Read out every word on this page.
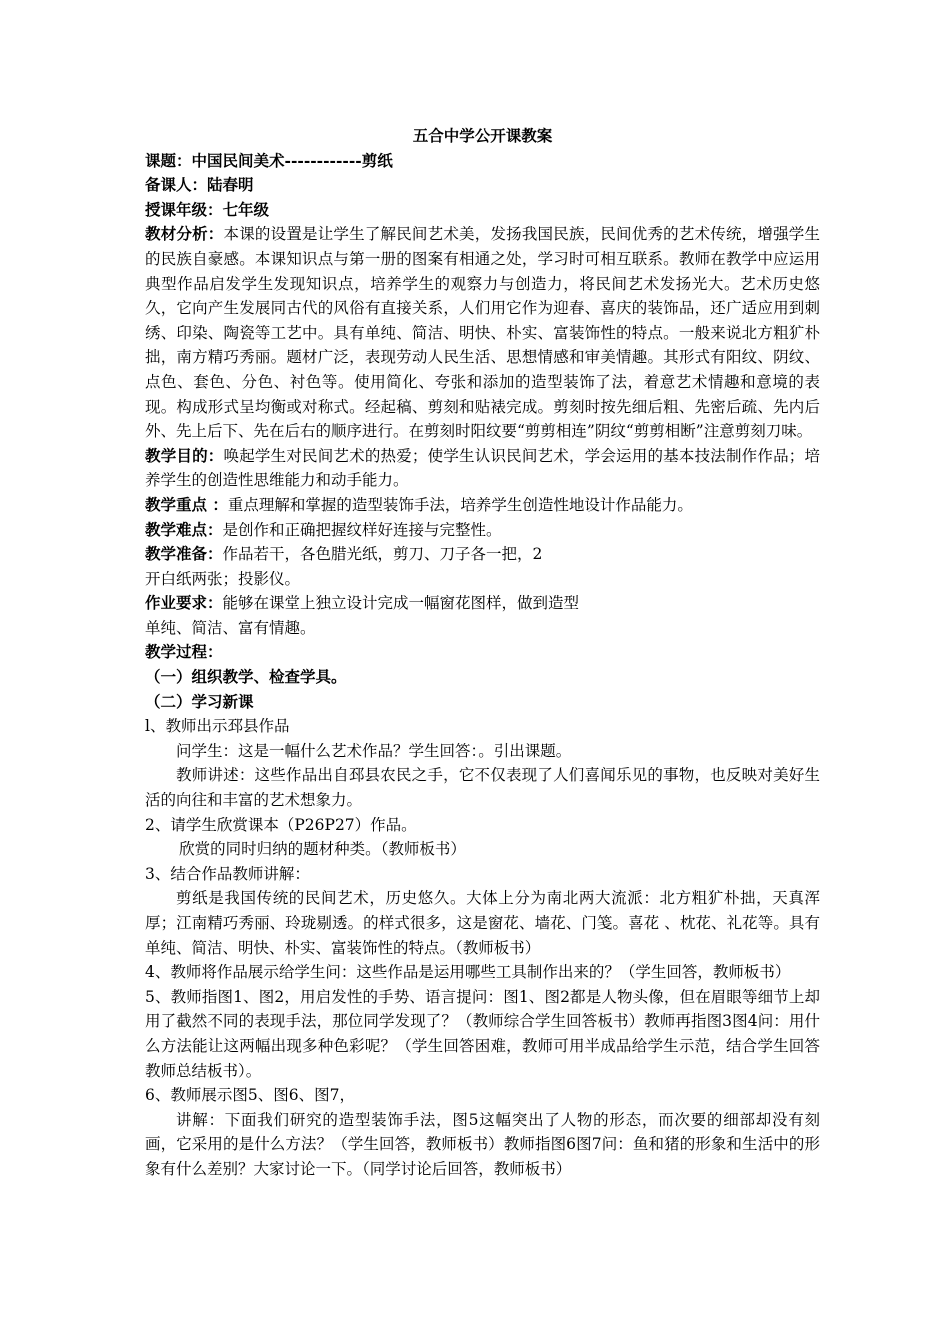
五合中学公开课教案

课题：中国民间美术------------剪纸

备课人：陆春明

授课年级：七年级

教材分析：本课的设置是让学生了解民间艺术美，发扬我国民族，民间优秀的艺术传统，增强学生的民族自豪感。本课知识点与第一册的图案有相通之处，学习时可相互联系。教师在教学中应运用典型作品启发学生发现知识点，培养学生的观察力与创造力，将民间艺术发扬光大。艺术历史悠久，它向产生发展同古代的风俗有直接关系，人们用它作为迎春、喜庆的装饰品，还广适应用到刺绣、印染、陶瓷等工艺中。具有单纯、简洁、明快、朴实、富装饰性的特点。一般来说北方粗犷朴拙，南方精巧秀丽。题材广泛，表现劳动人民生活、思想情感和审美情趣。其形式有阳纹、阴纹、点色、套色、分色、衬色等。使用简化、夸张和添加的造型装饰了法，着意艺术情趣和意境的表现。构成形式呈均衡或对称式。经起稿、剪刻和贴裱完成。剪刻时按先细后粗、先密后疏、先内后外、先上后下、先在后右的顺序进行。在剪刻时阳纹要“剪剪相连”阴纹“剪剪相断”注意剪刻刀味。

教学目的：唤起学生对民间艺术的热爱；使学生认识民间艺术，学会运用的基本技法制作作品；培养学生的创造性思维能力和动手能力。

教学重点 ：重点理解和掌握的造型装饰手法，培养学生创造性地设计作品能力。

教学难点：是创作和正确把握纹样好连接与完整性。

教学准备：作品若干，各色腊光纸，剪刀、刀子各一把，2

开白纸两张；投影仪。

作业要求：能够在课堂上独立设计完成一幅窗花图样，做到造型

单纯、简洁、富有情趣。

教学过程：

（一）组织教学、检查学具。

（二）学习新课

l、教师出示邳县作品

问学生：这是一幅什么艺术作品？学生回答：。引出课题。

教师讲述：这些作品出自邳县农民之手，它不仅表现了人们喜闻乐见的事物，也反映对美好生活的向往和丰富的艺术想象力。

2、请学生欣赏课本（P26P27）作品。

欣赏的同时归纳的题材种类。（教师板书）

3、结合作品教师讲解：

剪纸是我国传统的民间艺术，历史悠久。大体上分为南北两大流派：北方粗犷朴拙，天真浑厚；江南精巧秀丽、玲珑剔透。的样式很多，这是窗花、墙花、门笺。喜花 、枕花、礼花等。具有单纯、简洁、明快、朴实、富装饰性的特点。（教师板书）

4、教师将作品展示给学生问：这些作品是运用哪些工具制作出来的？（学生回答，教师板书）

5、教师指图1、图2，用启发性的手势、语言提问：图1、图2都是人物头像，但在眉眼等细节上却用了截然不同的表现手法，那位同学发现了？（教师综合学生回答板书）教师再指图3图4问：用什么方法能让这两幅出现多种色彩呢？（学生回答困难，教师可用半成品给学生示范，结合学生回答教师总结板书）。

6、教师展示图5、图6、图7，

讲解：下面我们研究的造型装饰手法，图5这幅突出了人物的形态，而次要的细部却没有刻画，它采用的是什么方法？（学生回答，教师板书）教师指图6图7问：鱼和猪的形象和生活中的形象有什么差别？大家讨论一下。（同学讨论后回答，教师板书）
